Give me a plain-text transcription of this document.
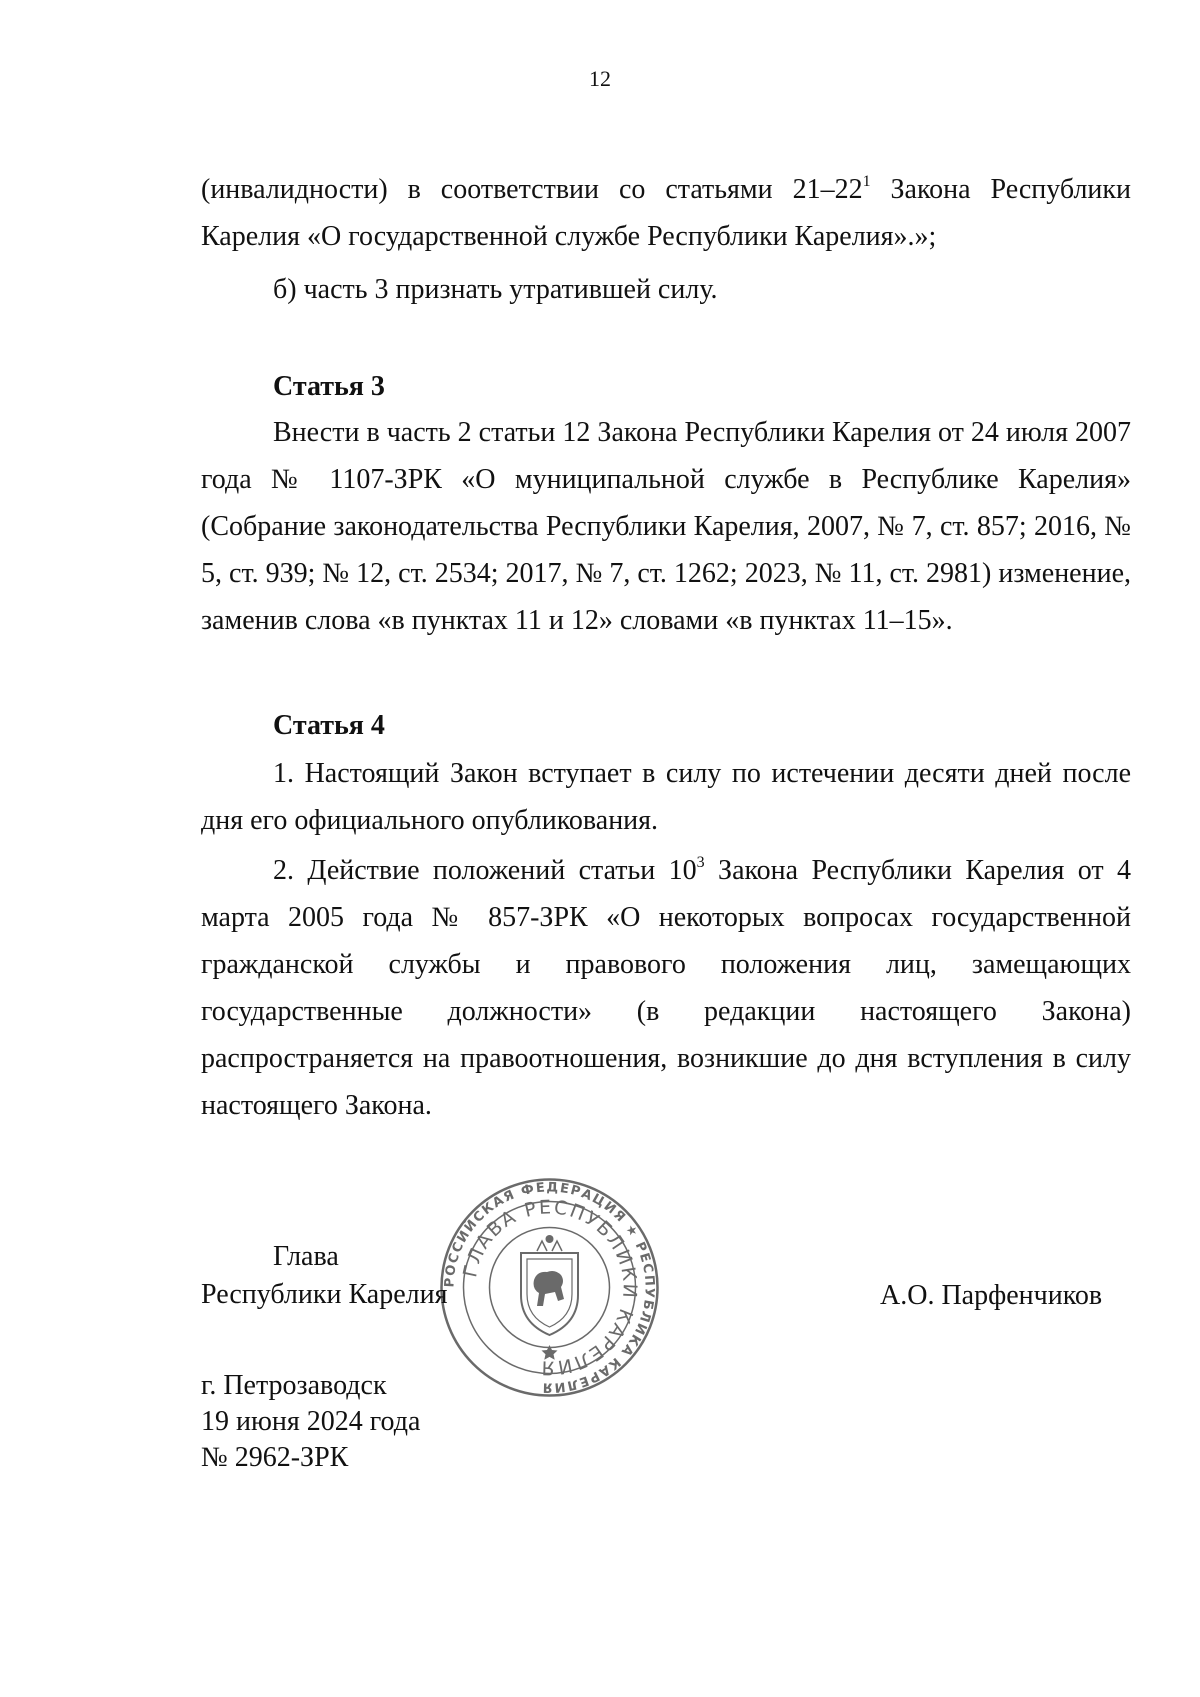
12

(инвалидности) в соответствии со статьями $21-22^1$ Закона Республики Карелия «О государственной службе Республики Карелия».»;

б) часть 3 признать утратившей силу.

Статья 3

Внести в часть 2 статьи 12 Закона Республики Карелия от 24 июля 2007 года № 1107-ЗРК «О муниципальной службе в Республике Карелия» (Собрание законодательства Республики Карелия, 2007, № 7, ст. 857; 2016, № 5, ст. 939; № 12, ст. 2534; 2017, № 7, ст. 1262; 2023, № 11, ст. 2981) изменение, заменив слова «в пунктах 11 и 12» словами «в пунктах 11–15».

Статья 4

1. Настоящий Закон вступает в силу по истечении десяти дней после дня его официального опубликования.

2. Действие положений статьи $10^3$ Закона Республики Карелия от 4 марта 2005 года № 857-ЗРК «О некоторых вопросах государственной гражданской службы и правового положения лиц, замещающих государственные должности» (в редакции настоящего Закона) распространяется на правоотношения, возникшие до дня вступления в силу настоящего Закона.

РОССИЙСКАЯ ФЕДЕРАЦИЯ ★ РЕСПУБЛИКА КАРЕЛИЯ
ГЛАВА РЕСПУБЛИКИ КАРЕЛИЯ
Глава
Республики Карелия	А.О. Парфенчиков
г. Петрозаводск
19 июня 2024 года
№ 2962-ЗРК
